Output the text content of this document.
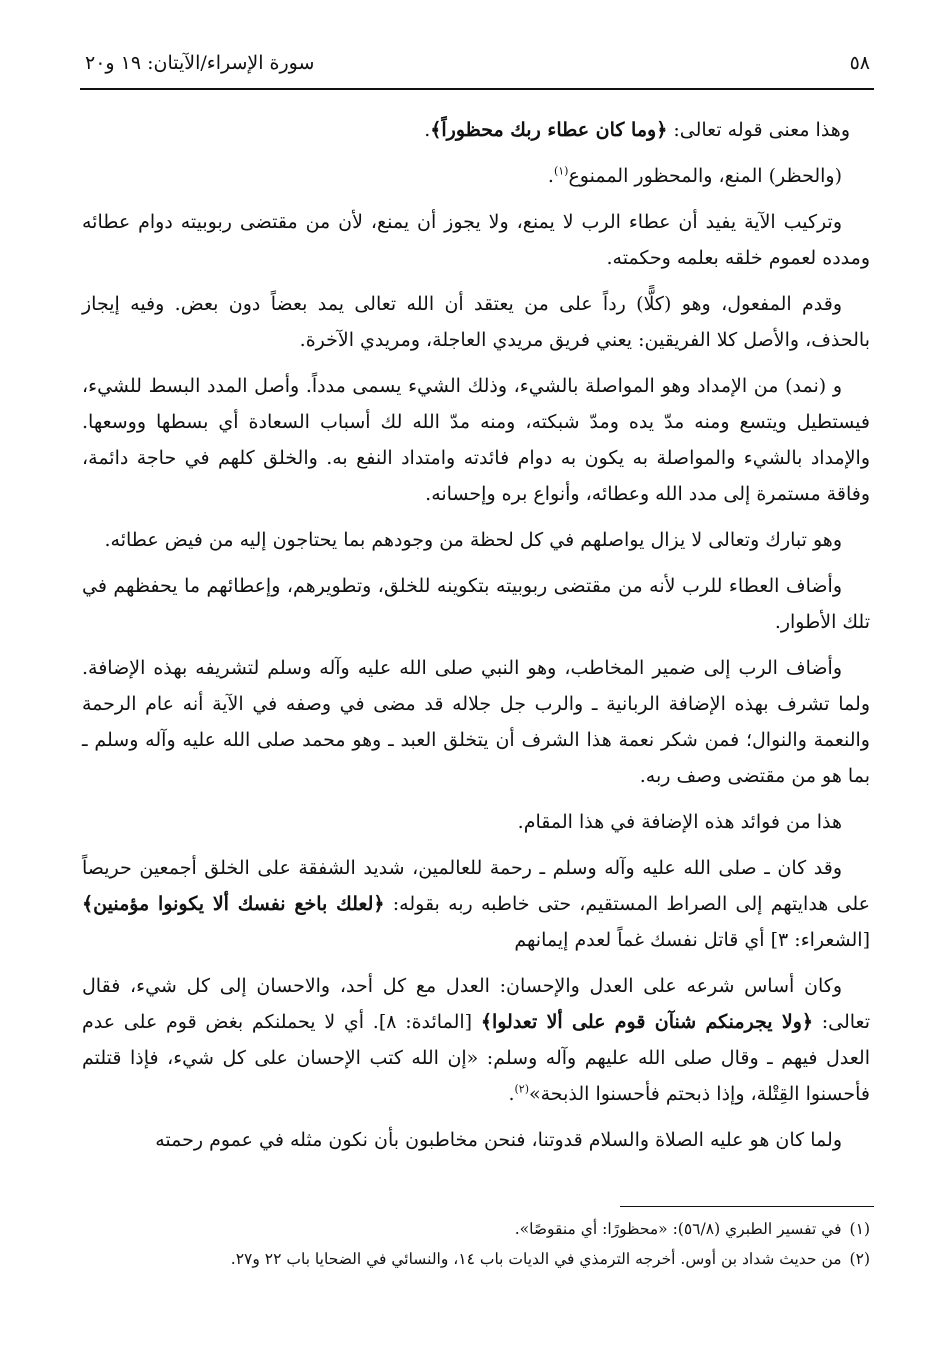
٥٨
سورة الإسراء/الآيتان: ١٩ و٢٠

وهذا معنى قوله تعالى: ﴿وما كان عطاء ربك محظوراً﴾.

(والحظر) المنع، والمحظور الممنوع$^{(١)}$.

وتركيب الآية يفيد أن عطاء الرب لا يمنع، ولا يجوز أن يمنع، لأن من مقتضى ربوبيته دوام عطائه ومدده لعموم خلقه بعلمه وحكمته.

وقدم المفعول، وهو (كلًّا) رداً على من يعتقد أن الله تعالى يمد بعضاً دون بعض. وفيه إيجاز بالحذف، والأصل كلا الفريقين: يعني فريق مريدي العاجلة، ومريدي الآخرة.

و (نمد) من الإمداد وهو المواصلة بالشيء، وذلك الشيء يسمى مدداً. وأصل المدد البسط للشيء، فيستطيل ويتسع ومنه مدّ يده ومدّ شبكته، ومنه مدّ الله لك أسباب السعادة أي بسطها ووسعها. والإمداد بالشيء والمواصلة به يكون به دوام فائدته وامتداد النفع به. والخلق كلهم في حاجة دائمة، وفاقة مستمرة إلى مدد الله وعطائه، وأنواع بره وإحسانه.

وهو تبارك وتعالى لا يزال يواصلهم في كل لحظة من وجودهم بما يحتاجون إليه من فيض عطائه.

وأضاف العطاء للرب لأنه من مقتضى ربوبيته بتكوينه للخلق، وتطويرهم، وإعطائهم ما يحفظهم في تلك الأطوار.

وأضاف الرب إلى ضمير المخاطب، وهو النبي صلى الله عليه وآله وسلم لتشريفه بهذه الإضافة. ولما تشرف بهذه الإضافة الربانية ـ والرب جل جلاله قد مضى في وصفه في الآية أنه عام الرحمة والنعمة والنوال؛ فمن شكر نعمة هذا الشرف أن يتخلق العبد ـ وهو محمد صلى الله عليه وآله وسلم ـ بما هو من مقتضى وصف ربه.

هذا من فوائد هذه الإضافة في هذا المقام.

وقد كان ـ صلى الله عليه وآله وسلم ـ رحمة للعالمين، شديد الشفقة على الخلق أجمعين حريصاً على هدايتهم إلى الصراط المستقيم، حتى خاطبه ربه بقوله: ﴿لعلك باخع نفسك ألا يكونوا مؤمنين﴾ [الشعراء: ٣] أي قاتل نفسك غماً لعدم إيمانهم

وكان أساس شرعه على العدل والإحسان: العدل مع كل أحد، والاحسان إلى كل شيء، فقال تعالى: ﴿ولا يجرمنكم شنآن قوم على ألا تعدلوا﴾ [المائدة: ٨]. أي لا يحملنكم بغض قوم على عدم العدل فيهم ـ وقال صلى الله عليهم وآله وسلم: «إن الله كتب الإحسان على كل شيء، فإذا قتلتم فأحسنوا القِتْلة، وإذا ذبحتم فأحسنوا الذبحة»$^{(٢)}$.

ولما كان هو عليه الصلاة والسلام قدوتنا، فنحن مخاطبون بأن نكون مثله في عموم رحمته

(١)في تفسير الطبري (٥٦/٨): «محظورًا: أي منقوصًا».

(٢)من حديث شداد بن أوس. أخرجه الترمذي في الديات باب ١٤، والنسائي في الضحايا باب ٢٢ و٢٧.
